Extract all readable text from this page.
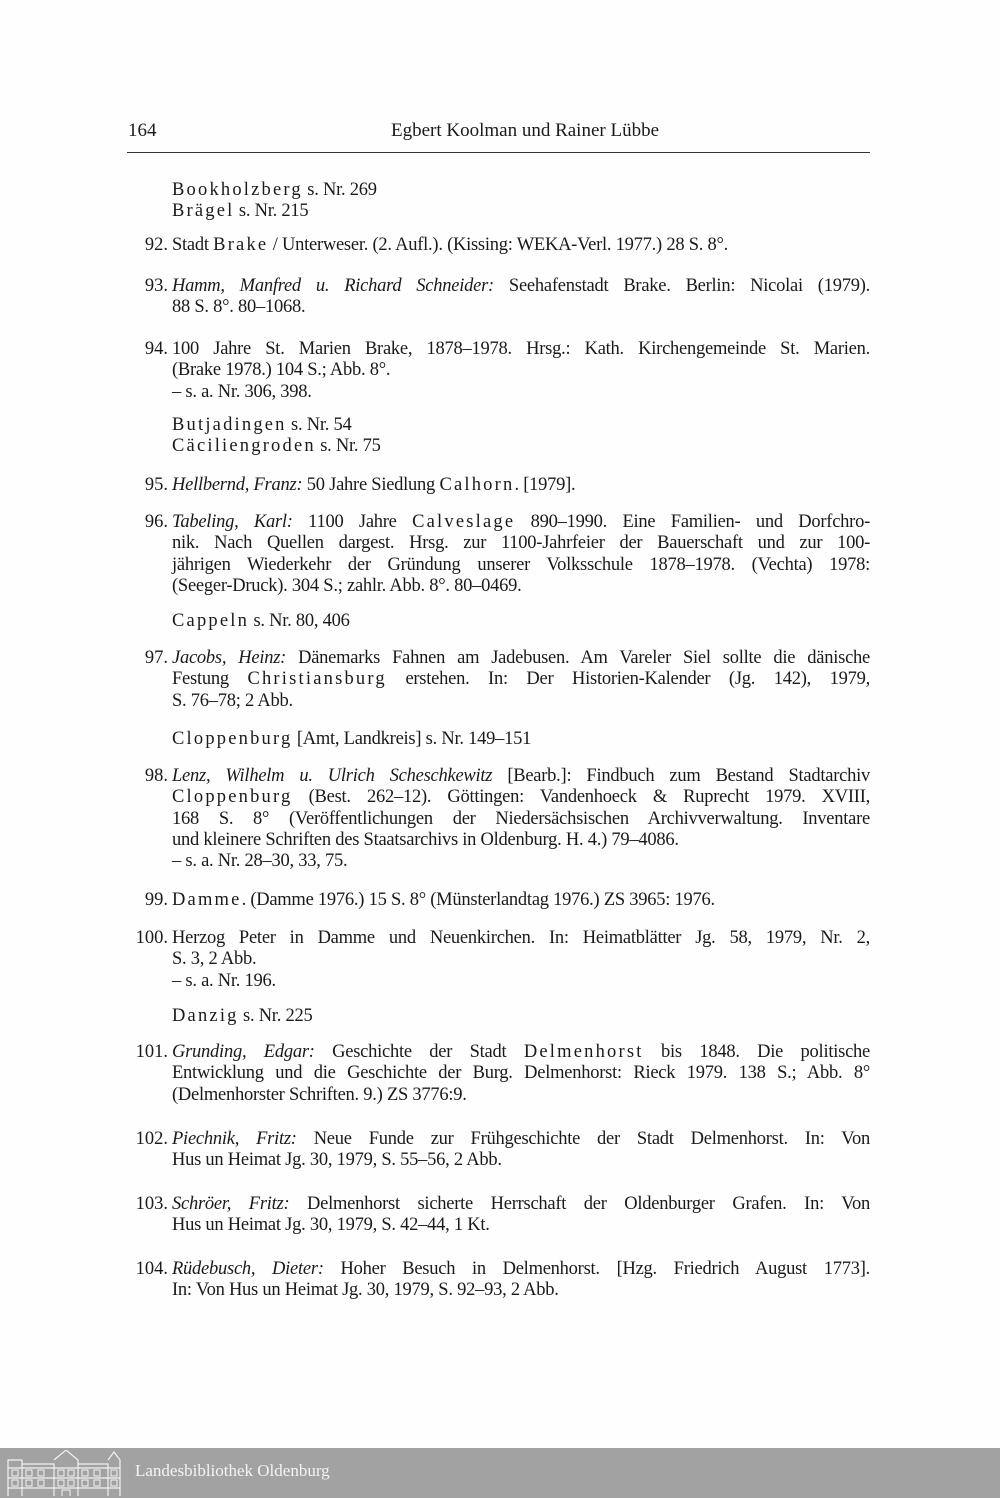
164	Egbert Koolman und Rainer Lübbe
Bookholzberg s. Nr. 269
Brägel s. Nr. 215
92. Stadt Brake / Unterweser. (2. Aufl.). (Kissing: WEKA-Verl. 1977.) 28 S. 8°.
93. Hamm, Manfred u. Richard Schneider: Seehafenstadt Brake. Berlin: Nicolai (1979).
88 S. 8°. 80–1068.
94. 100 Jahre St. Marien Brake, 1878–1978. Hrsg.: Kath. Kirchengemeinde St. Marien.
(Brake 1978.) 104 S.; Abb. 8°.
– s. a. Nr. 306, 398.
Butjadingen s. Nr. 54
Cäciliengroden s. Nr. 75
95. Hellbernd, Franz: 50 Jahre Siedlung Calhorn. [1979].
96. Tabeling, Karl: 1100 Jahre Calveslage 890–1990. Eine Familien- und Dorfchro-
nik. Nach Quellen dargest. Hrsg. zur 1100-Jahrfeier der Bauerschaft und zur 100-
jährigen Wiederkehr der Gründung unserer Volksschule 1878–1978. (Vechta) 1978:
(Seeger-Druck). 304 S.; zahlr. Abb. 8°. 80–0469.
Cappeln s. Nr. 80, 406
97. Jacobs, Heinz: Dänemarks Fahnen am Jadebusen. Am Vareler Siel sollte die dänische
Festung Christiansburg erstehen. In: Der Historien-Kalender (Jg. 142), 1979,
S. 76–78; 2 Abb.
Cloppenburg [Amt, Landkreis] s. Nr. 149–151
98. Lenz, Wilhelm u. Ulrich Scheschkewitz [Bearb.]: Findbuch zum Bestand Stadtarchiv
Cloppenburg (Best. 262–12). Göttingen: Vandenhoeck & Ruprecht 1979. XVIII,
168 S. 8° (Veröffentlichungen der Niedersächsischen Archivverwaltung. Inventare
und kleinere Schriften des Staatsarchivs in Oldenburg. H. 4.) 79–4086.
– s. a. Nr. 28–30, 33, 75.
99. Damme. (Damme 1976.) 15 S. 8° (Münsterlandtag 1976.) ZS 3965: 1976.
100. Herzog Peter in Damme und Neuenkirchen. In: Heimatblätter Jg. 58, 1979, Nr. 2,
S. 3, 2 Abb.
– s. a. Nr. 196.
Danzig s. Nr. 225
101. Grunding, Edgar: Geschichte der Stadt Delmenhorst bis 1848. Die politische
Entwicklung und die Geschichte der Burg. Delmenhorst: Rieck 1979. 138 S.; Abb. 8°
(Delmenhorster Schriften. 9.) ZS 3776:9.
102. Piechnik, Fritz: Neue Funde zur Frühgeschichte der Stadt Delmenhorst. In: Von
Hus un Heimat Jg. 30, 1979, S. 55–56, 2 Abb.
103. Schröer, Fritz: Delmenhorst sicherte Herrschaft der Oldenburger Grafen. In: Von
Hus un Heimat Jg. 30, 1979, S. 42–44, 1 Kt.
104. Rüdebusch, Dieter: Hoher Besuch in Delmenhorst. [Hzg. Friedrich August 1773].
In: Von Hus un Heimat Jg. 30, 1979, S. 92–93, 2 Abb.
Landesbibliothek Oldenburg
